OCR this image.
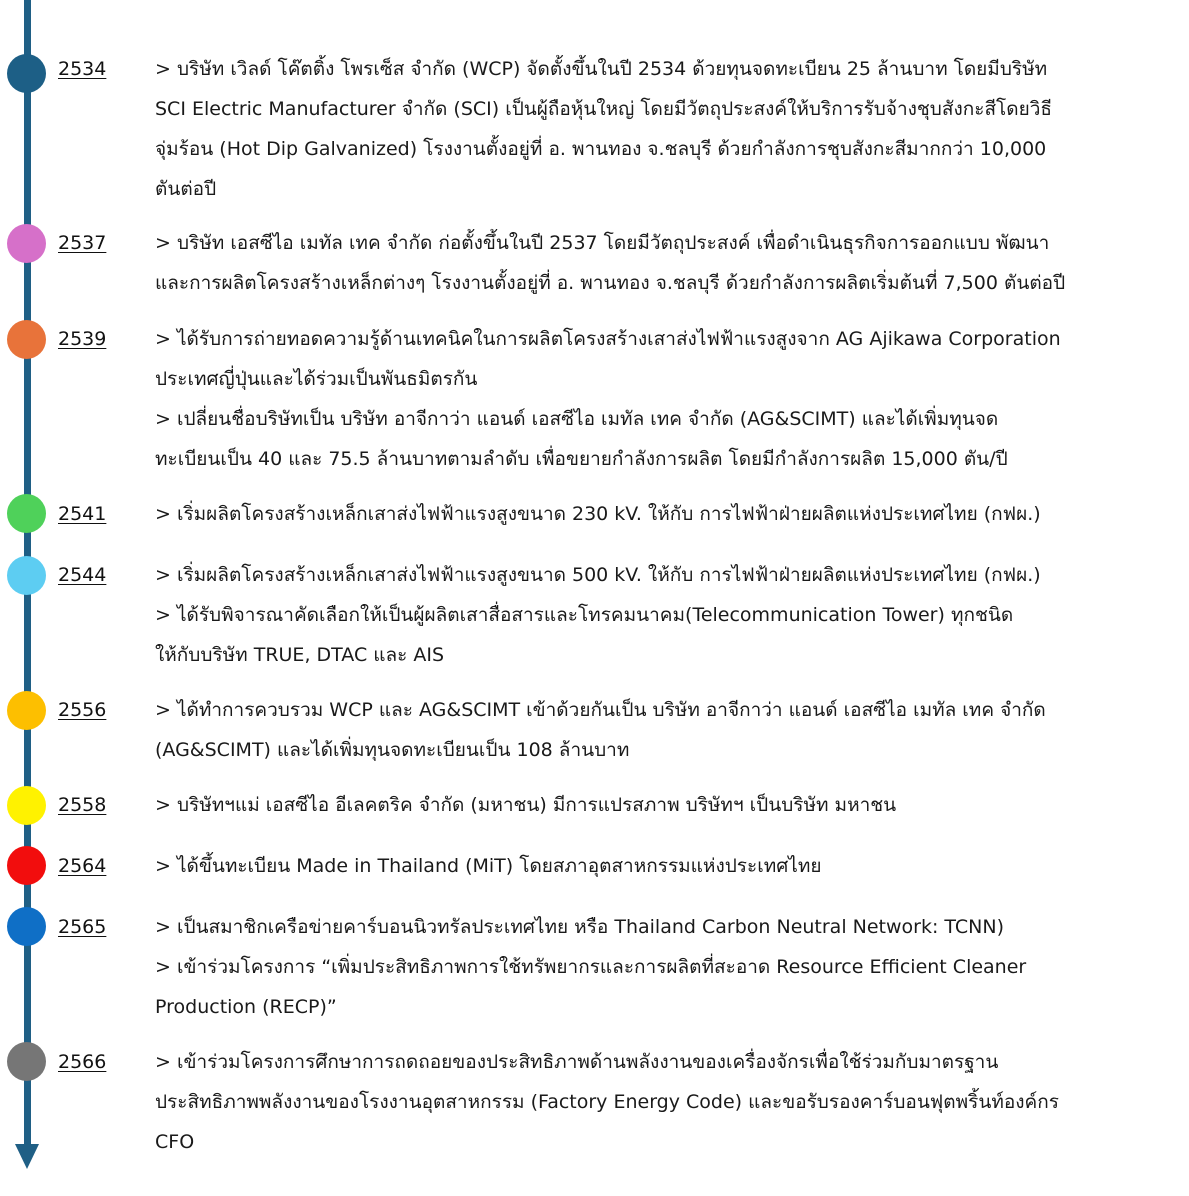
2534	> บริษัท เวิลด์ โค๊ตติ้ง โพรเซ็ส จำกัด (WCP) จัดตั้งขึ้นในปี 2534 ด้วยทุนจดทะเบียน 25 ล้านบาท โดยมีบริษัท
SCI Electric Manufacturer จำกัด (SCI) เป็นผู้ถือหุ้นใหญ่ โดยมีวัตถุประสงค์ให้บริการรับจ้างชุบสังกะสีโดยวิธี
จุ่มร้อน (Hot Dip Galvanized) โรงงานตั้งอยู่ที่ อ. พานทอง จ.ชลบุรี ด้วยกำลังการชุบสังกะสีมากกว่า 10,000
ตันต่อปี
2537	> บริษัท เอสซีไอ เมทัล เทค จำกัด ก่อตั้งขึ้นในปี 2537 โดยมีวัตถุประสงค์ เพื่อดำเนินธุรกิจการออกแบบ พัฒนา
และการผลิตโครงสร้างเหล็กต่างๆ โรงงานตั้งอยู่ที่ อ. พานทอง จ.ชลบุรี ด้วยกำลังการผลิตเริ่มต้นที่ 7,500 ตันต่อปี
2539	> ได้รับการถ่ายทอดความรู้ด้านเทคนิคในการผลิตโครงสร้างเสาส่งไฟฟ้าแรงสูงจาก AG Ajikawa Corporation
ประเทศญี่ปุ่นและได้ร่วมเป็นพันธมิตรกัน
> เปลี่ยนชื่อบริษัทเป็น บริษัท อาจีกาว่า แอนด์ เอสซีไอ เมทัล เทค จำกัด (AG&SCIMT) และได้เพิ่มทุนจด
ทะเบียนเป็น 40 และ 75.5 ล้านบาทตามลำดับ เพื่อขยายกำลังการผลิต โดยมีกำลังการผลิต 15,000 ตัน/ปี
2541	> เริ่มผลิตโครงสร้างเหล็กเสาส่งไฟฟ้าแรงสูงขนาด 230 kV. ให้กับ การไฟฟ้าฝ่ายผลิตแห่งประเทศไทย (กฟผ.)
2544	> เริ่มผลิตโครงสร้างเหล็กเสาส่งไฟฟ้าแรงสูงขนาด 500 kV. ให้กับ การไฟฟ้าฝ่ายผลิตแห่งประเทศไทย (กฟผ.)
> ได้รับพิจารณาคัดเลือกให้เป็นผู้ผลิตเสาสื่อสารและโทรคมนาคม(Telecommunication Tower) ทุกชนิด
ให้กับบริษัท TRUE, DTAC และ AIS
2556	> ได้ทำการควบรวม WCP และ AG&SCIMT เข้าด้วยกันเป็น บริษัท อาจีกาว่า แอนด์ เอสซีไอ เมทัล เทค จำกัด
(AG&SCIMT) และได้เพิ่มทุนจดทะเบียนเป็น 108 ล้านบาท
2558	> บริษัทฯแม่ เอสซีไอ อีเลคตริค จำกัด (มหาชน) มีการแปรสภาพ บริษัทฯ เป็นบริษัท มหาชน
2564	> ได้ขึ้นทะเบียน Made in Thailand (MiT) โดยสภาอุตสาหกรรมแห่งประเทศไทย
2565	> เป็นสมาชิกเครือข่ายคาร์บอนนิวทรัลประเทศไทย หรือ Thailand Carbon Neutral Network: TCNN)
> เข้าร่วมโครงการ “เพิ่มประสิทธิภาพการใช้ทรัพยากรและการผลิตที่สะอาด Resource Efficient Cleaner
Production (RECP)”
2566	> เข้าร่วมโครงการศึกษาการถดถอยของประสิทธิภาพด้านพลังงานของเครื่องจักรเพื่อใช้ร่วมกับมาตรฐาน
ประสิทธิภาพพลังงานของโรงงานอุตสาหกรรม (Factory Energy Code) และขอรับรองคาร์บอนฟุตพริ้นท์องค์กร
CFO
